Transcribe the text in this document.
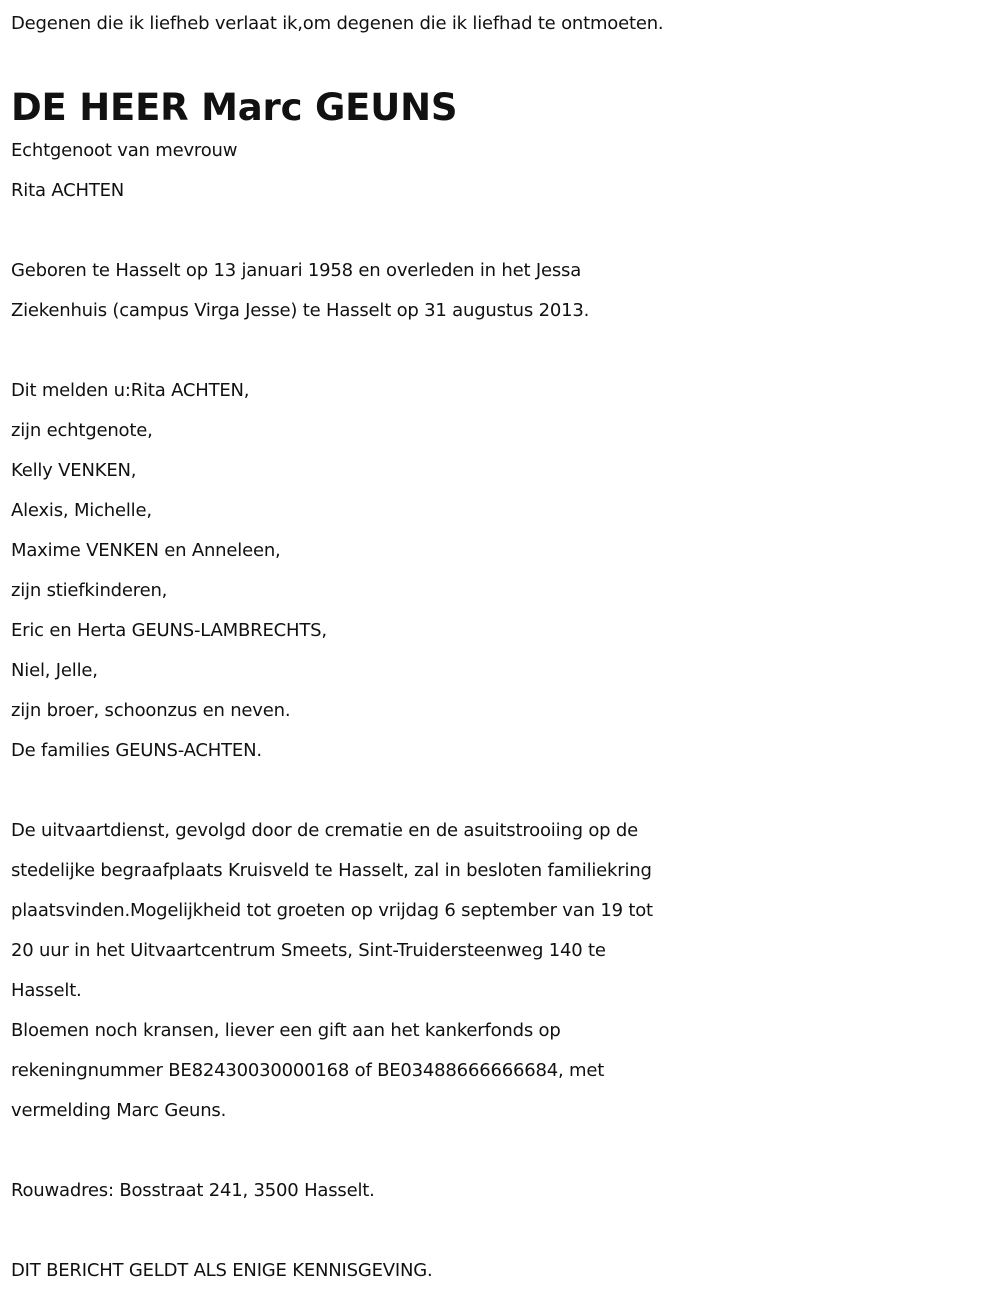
Degenen die ik liefheb verlaat ik,om degenen die ik liefhad te ontmoeten.
DE HEER Marc GEUNS
Echtgenoot van mevrouw
Rita ACHTEN
Geboren te Hasselt op 13 januari 1958 en overleden in het Jessa
Ziekenhuis (campus Virga Jesse) te Hasselt op 31 augustus 2013.
Dit melden u:Rita ACHTEN,
zijn echtgenote,
Kelly VENKEN,
Alexis, Michelle,
Maxime VENKEN en Anneleen,
zijn stiefkinderen,
Eric en Herta GEUNS-LAMBRECHTS,
Niel, Jelle,
zijn broer, schoonzus en neven.
De families GEUNS-ACHTEN.
De uitvaartdienst, gevolgd door de crematie en de asuitstrooiing op de
stedelijke begraafplaats Kruisveld te Hasselt, zal in besloten familiekring
plaatsvinden.Mogelijkheid tot groeten op vrijdag 6 september van 19 tot
20 uur in het Uitvaartcentrum Smeets, Sint-Truidersteenweg 140 te
Hasselt.
Bloemen noch kransen, liever een gift aan het kankerfonds op
rekeningnummer BE82430030000168 of BE03488666666684, met
vermelding Marc Geuns.
Rouwadres: Bosstraat 241, 3500 Hasselt.
DIT BERICHT GELDT ALS ENIGE KENNISGEVING.
